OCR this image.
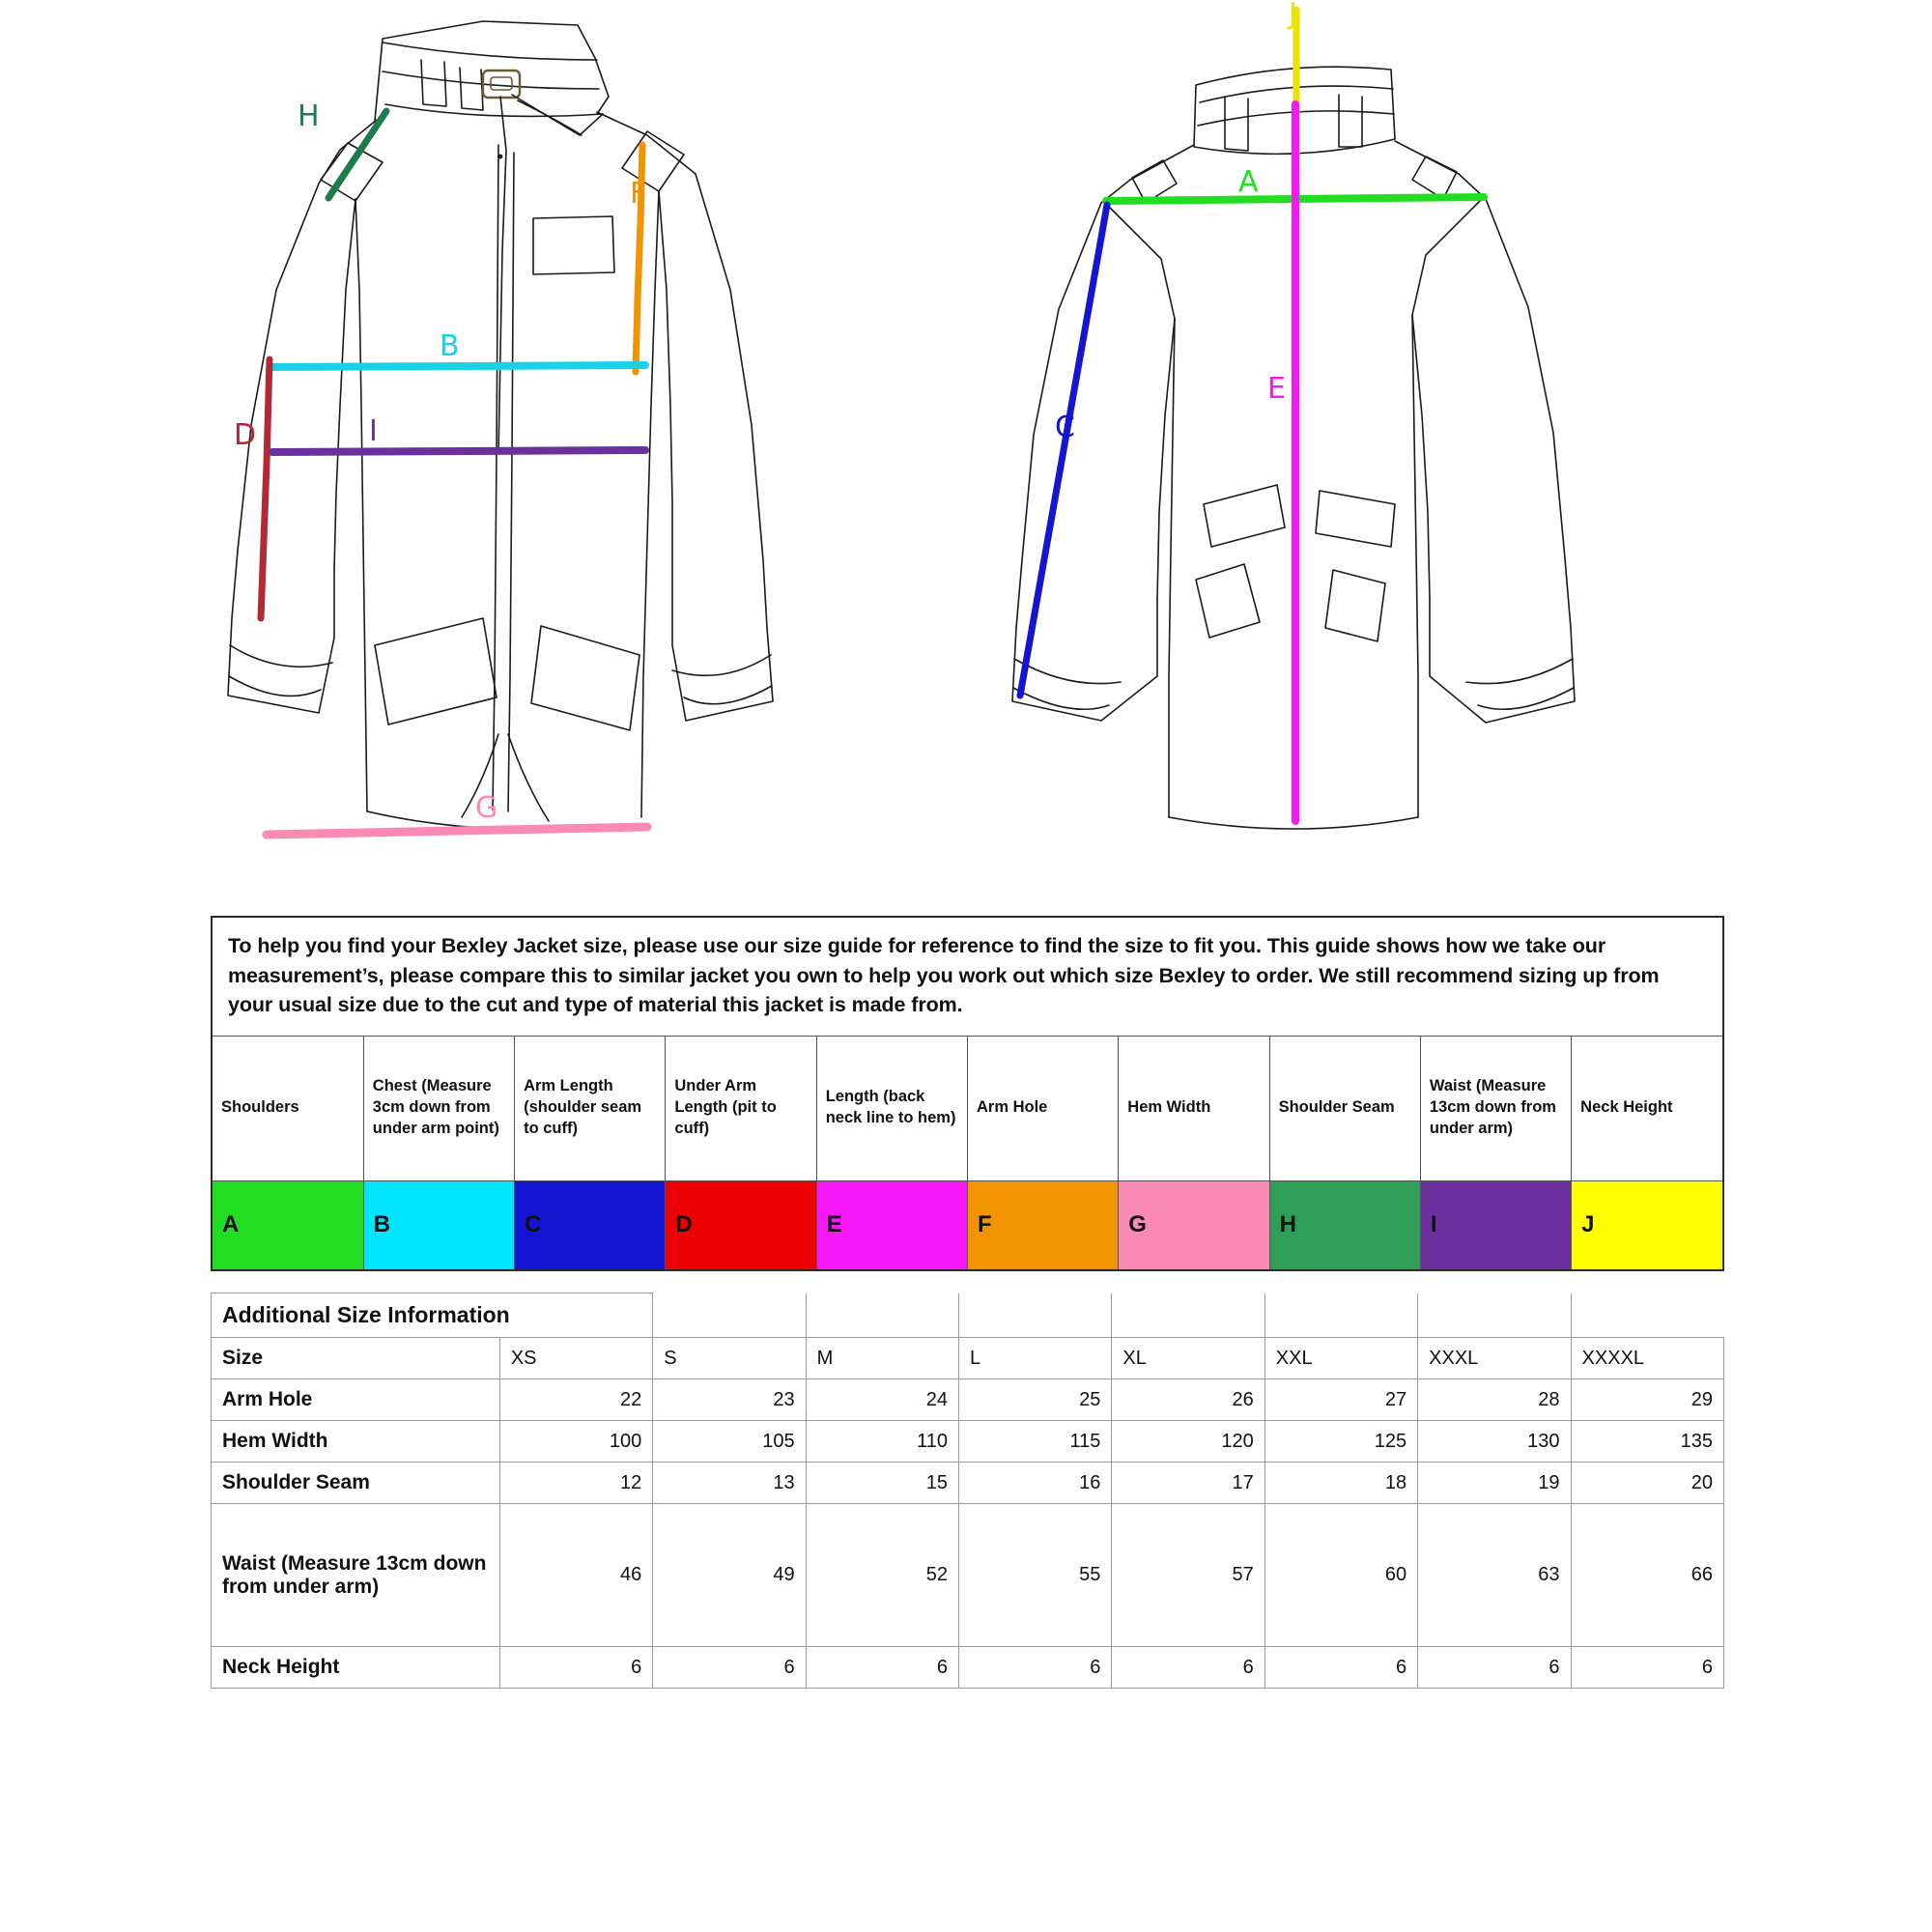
H
F
B
D	I
G
J
A
C
E
To help you find your Bexley Jacket size, please use our size guide for reference to find the size to fit you. This guide shows how we take our measurement’s, please compare this to similar jacket you own to help you work out which size Bexley to order. We still recommend sizing up from your usual size due to the cut and type of material this jacket is made from.
Shoulders	Chest (Measure 3cm down from under arm point)	Arm Length (shoulder seam to cuff)	Under Arm Length (pit to cuff)	Length (back neck line to hem)	Arm Hole	Hem Width	Shoulder Seam	Waist (Measure 13cm down from under arm)	Neck Height
A	B	C	D	E	F	G	H	I	J
Additional Size Information								
Size	XS	S	M	L	XL	XXL	XXXL	XXXXL
Arm Hole	22	23	24	25	26	27	28	29
Hem Width	100	105	110	115	120	125	130	135
Shoulder Seam	12	13	15	16	17	18	19	20
Waist (Measure 13cm down from under arm)	46	49	52	55	57	60	63	66
Neck Height	6	6	6	6	6	6	6	6
